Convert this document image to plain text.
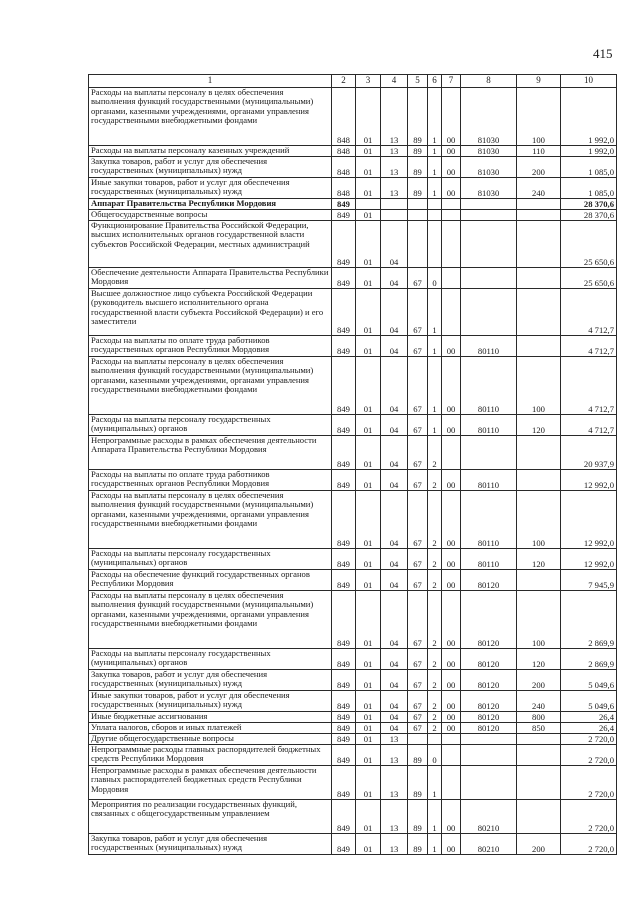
415
1	2	3	4	5	6	7	8	9	10
Расходы на выплаты персоналу в целях обеспечения выполнения функций государственными (муниципальными) органами, казенными учреждениями, органами управления государственными внебюджетными фондами	848	01	13	89	1	00	81030	100	1 992,0
Расходы на выплаты персоналу казенных учреждений	848	01	13	89	1	00	81030	110	1 992,0
Закупка товаров, работ и услуг для обеспечения государственных (муниципальных) нужд	848	01	13	89	1	00	81030	200	1 085,0
Иные закупки товаров, работ и услуг для обеспечения государственных (муниципальных) нужд	848	01	13	89	1	00	81030	240	1 085,0
Аппарат Правительства Республики Мордовия	849								28 370,6
Общегосударственные вопросы	849	01							28 370,6
Функционирование Правительства Российской Федерации, высших исполнительных органов государственной власти субъектов Российской Федерации, местных администраций	849	01	04						25 650,6
Обеспечение деятельности Аппарата Правительства Республики Мордовия	849	01	04	67	0				25 650,6
Высшее должностное лицо субъекта Российской Федерации (руководитель высшего исполнительного органа государственной власти субъекта Российской Федерации) и его заместители	849	01	04	67	1				4 712,7
Расходы на выплаты по оплате труда работников государственных органов Республики Мордовия	849	01	04	67	1	00	80110		4 712,7
Расходы на выплаты персоналу в целях обеспечения выполнения функций государственными (муниципальными) органами, казенными учреждениями, органами управления государственными внебюджетными фондами	849	01	04	67	1	00	80110	100	4 712,7
Расходы на выплаты персоналу государственных (муниципальных) органов	849	01	04	67	1	00	80110	120	4 712,7
Непрограммные расходы в рамках обеспечения деятельности Аппарата Правительства Республики Мордовия	849	01	04	67	2				20 937,9
Расходы на выплаты по оплате труда работников государственных органов Республики Мордовия	849	01	04	67	2	00	80110		12 992,0
Расходы на выплаты персоналу в целях обеспечения выполнения функций государственными (муниципальными) органами, казенными учреждениями, органами управления государственными внебюджетными фондами	849	01	04	67	2	00	80110	100	12 992,0
Расходы на выплаты персоналу государственных (муниципальных) органов	849	01	04	67	2	00	80110	120	12 992,0
Расходы на обеспечение функций государственных органов Республики Мордовия	849	01	04	67	2	00	80120		7 945,9
Расходы на выплаты персоналу в целях обеспечения выполнения функций государственными (муниципальными) органами, казенными учреждениями, органами управления государственными внебюджетными фондами	849	01	04	67	2	00	80120	100	2 869,9
Расходы на выплаты персоналу государственных (муниципальных) органов	849	01	04	67	2	00	80120	120	2 869,9
Закупка товаров, работ и услуг для обеспечения государственных (муниципальных) нужд	849	01	04	67	2	00	80120	200	5 049,6
Иные закупки товаров, работ и услуг для обеспечения государственных (муниципальных) нужд	849	01	04	67	2	00	80120	240	5 049,6
Иные бюджетные ассигнования	849	01	04	67	2	00	80120	800	26,4
Уплата налогов, сборов и иных платежей	849	01	04	67	2	00	80120	850	26,4
Другие общегосударственные вопросы	849	01	13						2 720,0
Непрограммные расходы главных распорядителей бюджетных средств Республики Мордовия	849	01	13	89	0				2 720,0
Непрограммные расходы в рамках обеспечения деятельности главных распорядителей бюджетных средств Республики Мордовия	849	01	13	89	1				2 720,0
Мероприятия по реализации государственных функций, связанных с общегосударственным управлением	849	01	13	89	1	00	80210		2 720,0
Закупка товаров, работ и услуг для обеспечения государственных (муниципальных) нужд	849	01	13	89	1	00	80210	200	2 720,0
